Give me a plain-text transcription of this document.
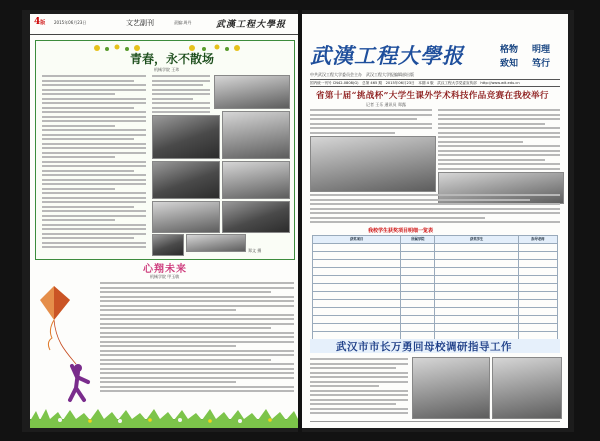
4版 2015年06月23日	文艺副刊	责编:周丹	武漢工程大學报
青春，永不散场
机械学院 王玮
郑文 摄
心翔未来
机械学院 甲玉敏
武漢工程大學报	格物 明理
致知 笃行
中共武汉工程大学委员会主办　武汉工程大学报编辑部出版
国内统一刊号 CN42-0808(G)　总第 465 期　2015年06月23日　本期 4 版　武汉工程大学党委宣传部　http://www.wit.edu.cn
省第十届“挑战杯”大学生课外学术科技作品竞赛在我校举行
记者 王乐 通讯员 郑露
我校学生获奖项目明细一览表
获奖项目	所属学院	获奖学生	指导老师

武汉市市长万勇回母校调研指导工作
